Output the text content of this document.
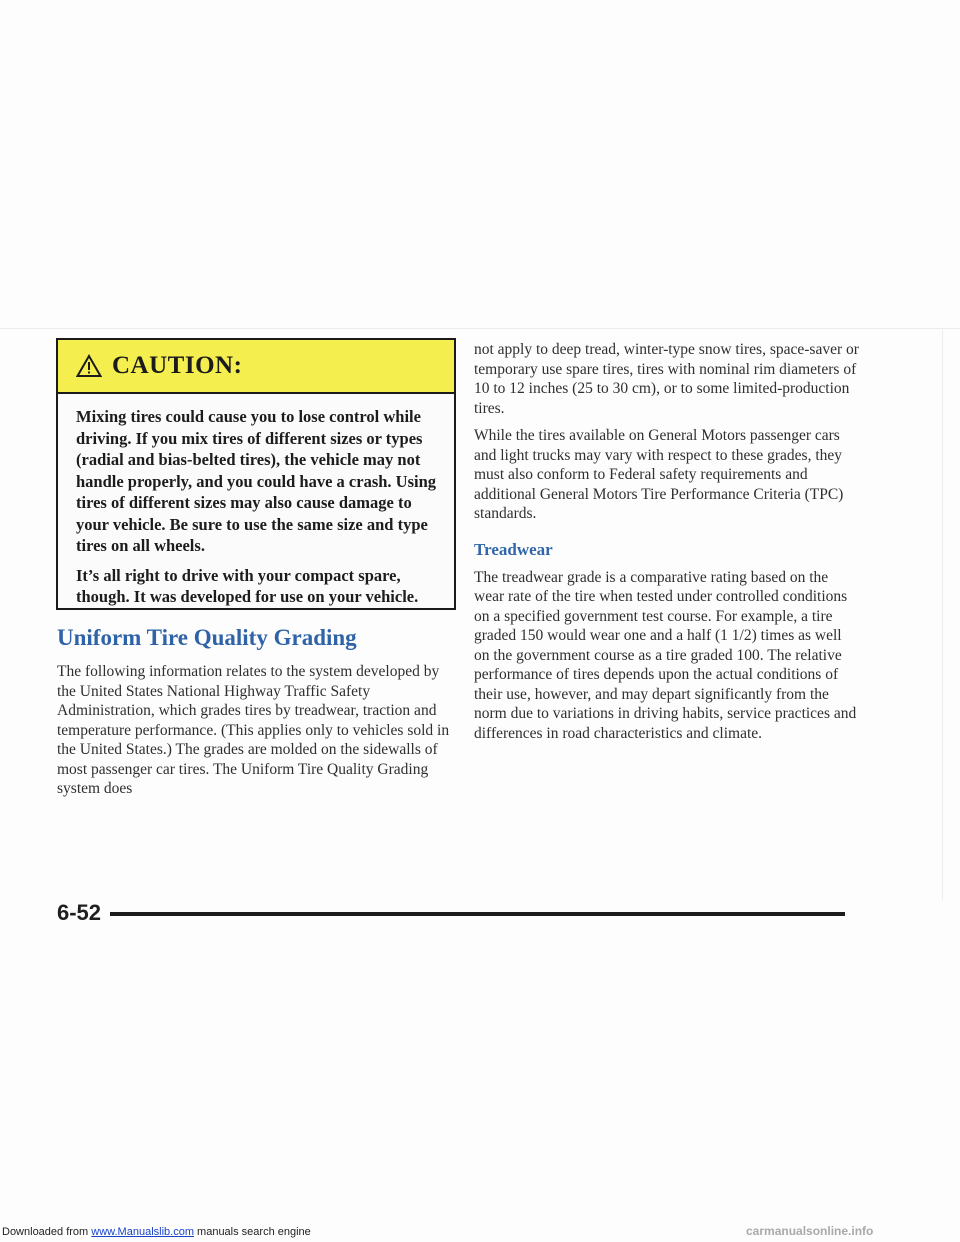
CAUTION:

Mixing tires could cause you to lose control while driving. If you mix tires of different sizes or types (radial and bias-belted tires), the vehicle may not handle properly, and you could have a crash. Using tires of different sizes may also cause damage to your vehicle. Be sure to use the same size and type tires on all wheels.

It’s all right to drive with your compact spare, though. It was developed for use on your vehicle.

Uniform Tire Quality Grading

The following information relates to the system developed by the United States National Highway Traffic Safety Administration, which grades tires by treadwear, traction and temperature performance. (This applies only to vehicles sold in the United States.) The grades are molded on the sidewalls of most passenger car tires. The Uniform Tire Quality Grading system does

not apply to deep tread, winter-type snow tires, space-saver or temporary use spare tires, tires with nominal rim diameters of 10 to 12 inches (25 to 30 cm), or to some limited-production tires.

While the tires available on General Motors passenger cars and light trucks may vary with respect to these grades, they must also conform to Federal safety requirements and additional General Motors Tire Performance Criteria (TPC) standards.

Treadwear

The treadwear grade is a comparative rating based on the wear rate of the tire when tested under controlled conditions on a specified government test course. For example, a tire graded 150 would wear one and a half (1 1/2) times as well on the government course as a tire graded 100. The relative performance of tires depends upon the actual conditions of their use, however, and may depart significantly from the norm due to variations in driving habits, service practices and differences in road characteristics and climate.

6-52

Downloaded from www.Manualslib.com manuals search engine	carmanualsonline.info
